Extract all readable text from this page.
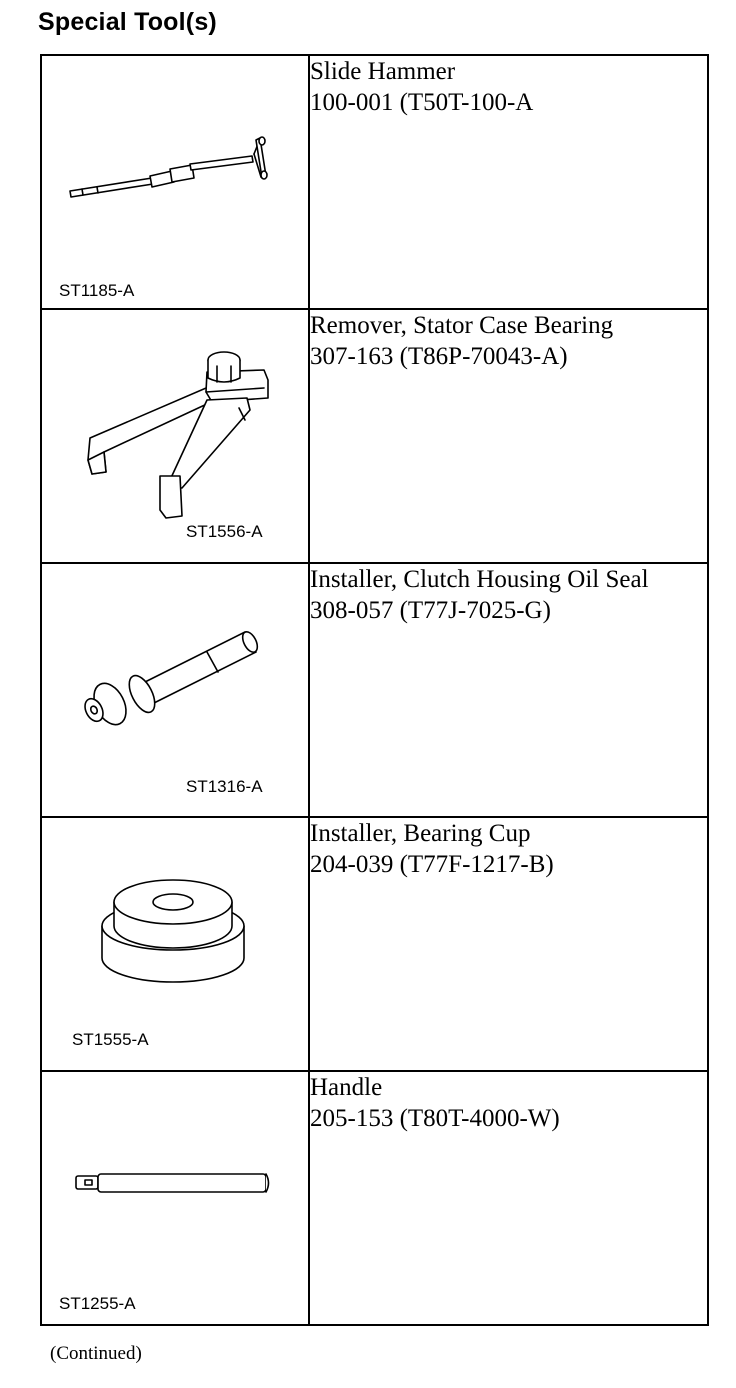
Special Tool(s)
ST1185-A	Slide Hammer
100-001 (T50T-100-A

ST1556-A	Remover, Stator Case Bearing
307-163 (T86P-70043-A)

ST1316-A	Installer, Clutch Housing Oil Seal
308-057 (T77J-7025-G)

ST1555-A	Installer, Bearing Cup
204-039 (T77F-1217-B)

ST1255-A	Handle
205-153 (T80T-4000-W)
(Continued)
